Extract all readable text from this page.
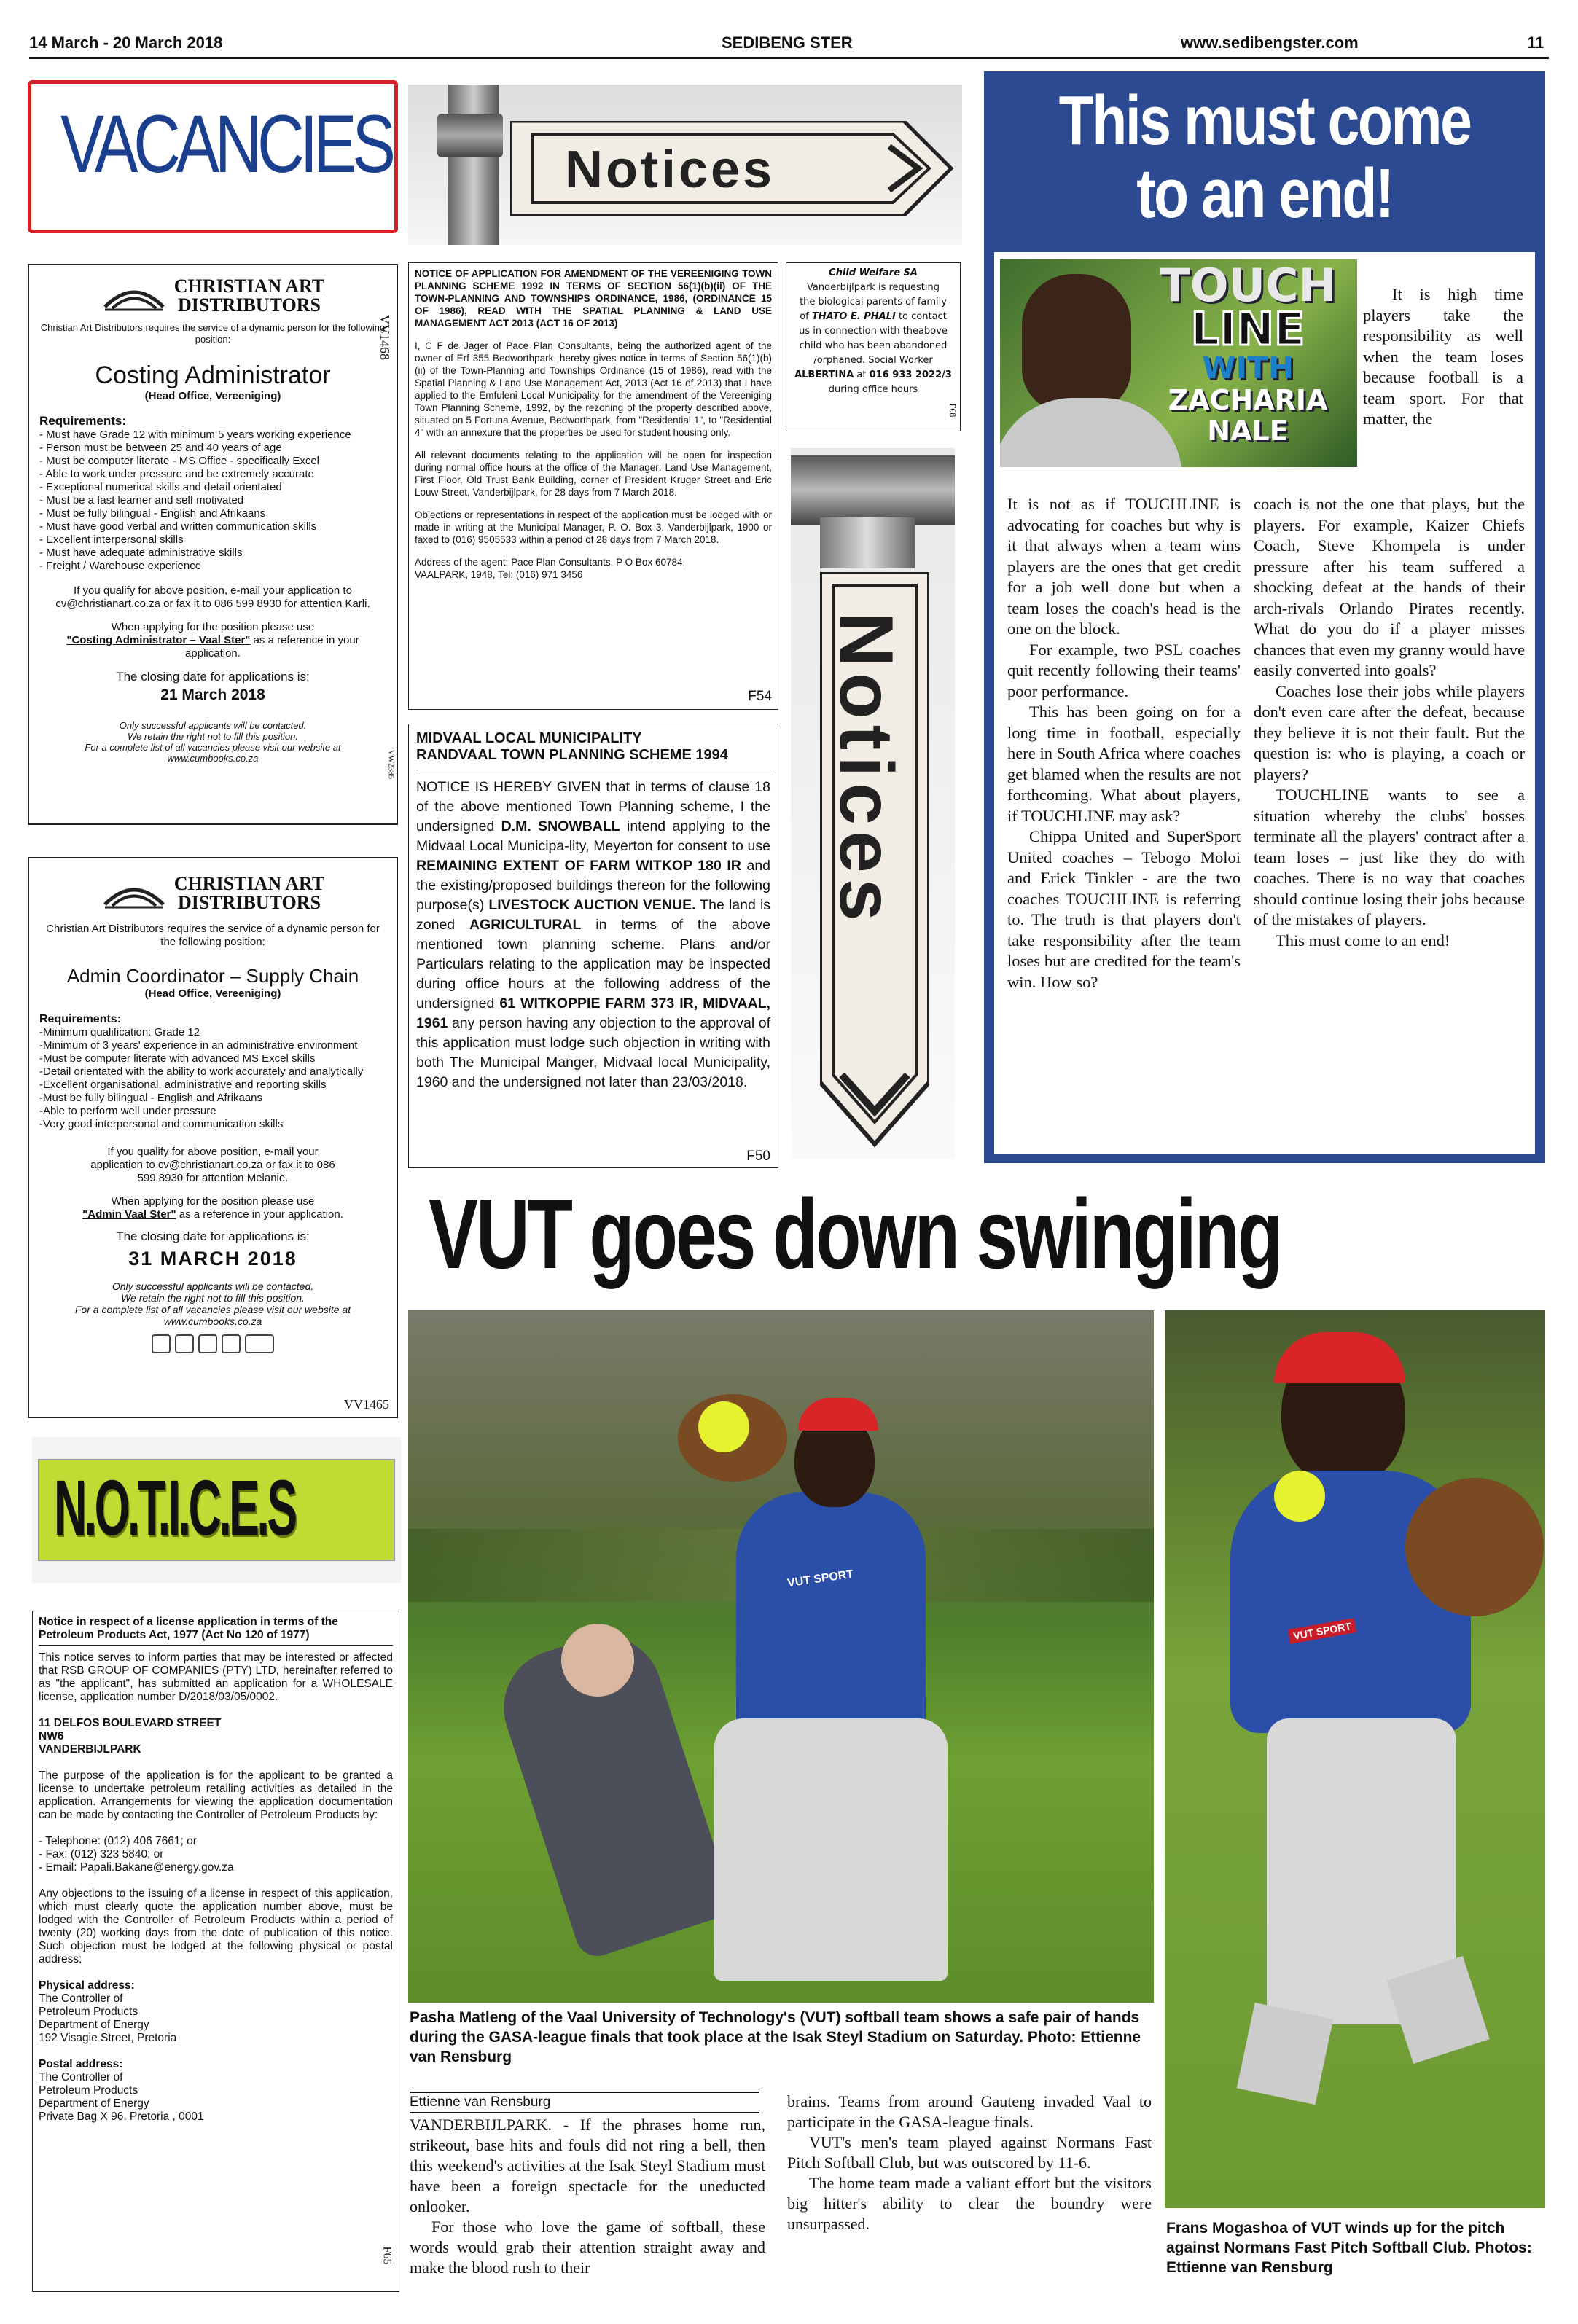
14 March - 20 March 2018	SEDIBENG STER	www.sedibengster.com	11
VACANCIES	Notices
CHRISTIAN ART
DISTRIBUTORS
Christian Art Distributors requires the service of a dynamic person for the following position:
Costing Administrator
(Head Office, Vereeniging)
Requirements:
- Must have Grade 12 with minimum 5 years working experience
- Person must be between 25 and 40 years of age
- Must be computer literate - MS Office - specifically Excel
- Able to work under pressure and be extremely accurate
- Exceptional numerical skills and detail orientated
- Must be a fast learner and self motivated
- Must be fully bilingual - English and Afrikaans
- Must have good verbal and written communication skills
- Excellent interpersonal skills
- Must have adequate administrative skills
- Freight / Warehouse experience
If you qualify for above position, e-mail your application to cv@christianart.co.za or fax it to 086 599 8930 for attention Karli.
When applying for the position please use
"Costing Administrator – Vaal Ster" as a reference in your application.
The closing date for applications is:
21 March 2018
Only successful applicants will be contacted.
We retain the right not to fill this position.
For a complete list of all vacancies please visit our website at www.cumbooks.co.za
VV1468
VW2385
CHRISTIAN ART
DISTRIBUTORS
Christian Art Distributors requires the service of a dynamic person for the following position:
Admin Coordinator – Supply Chain
(Head Office, Vereeniging)
Requirements:
-Minimum qualification: Grade 12
-Minimum of 3 years' experience in an administrative environment
-Must be computer literate with advanced MS Excel skills
-Detail orientated with the ability to work accurately and analytically
-Excellent organisational, administrative and reporting skills
-Must be fully bilingual - English and Afrikaans
-Able to perform well under pressure
-Very good interpersonal and communication skills
If you qualify for above position, e-mail your application to cv@christianart.co.za or fax it to 086 599 8930 for attention Melanie.
When applying for the position please use
"Admin Vaal Ster" as a reference in your application.
The closing date for applications is:
31 MARCH 2018
Only successful applicants will be contacted.
We retain the right not to fill this position.
For a complete list of all vacancies please visit our website at www.cumbooks.co.za
VV1465
N.O.T.I.C.E.S
Notice in respect of a license application in terms of the Petroleum Products Act, 1977 (Act No 120 of 1977)
This notice serves to inform parties that may be interested or affected that RSB GROUP OF COMPANIES (PTY) LTD, hereinafter referred to as "the applicant", has submitted an application for a WHOLESALE license, application number D/2018/03/05/0002.
11 DELFOS BOULEVARD STREET
NW6
VANDERBIJLPARK
The purpose of the application is for the applicant to be granted a license to undertake petroleum retailing activities as detailed in the application. Arrangements for viewing the application documentation can be made by contacting the Controller of Petroleum Products by:
- Telephone: (012) 406 7661; or
- Fax: (012) 323 5840; or
- Email: Papali.Bakane@energy.gov.za
Any objections to the issuing of a license in respect of this application, which must clearly quote the application number above, must be lodged with the Controller of Petroleum Products within a period of twenty (20) working days from the date of publication of this notice. Such objection must be lodged at the following physical or postal address:
Physical address:
The Controller of
Petroleum Products
Department of Energy
192 Visagie Street, Pretoria
Postal address:
The Controller of
Petroleum Products
Department of Energy
Private Bag X 96, Pretoria , 0001
F65
NOTICE OF APPLICATION FOR AMENDMENT OF THE VEREENIGING TOWN PLANNING SCHEME 1992 IN TERMS OF SECTION 56(1)(b)(ii) OF THE TOWN-PLANNING AND TOWNSHIPS ORDINANCE, 1986, (ORDINANCE 15 OF 1986), READ WITH THE SPATIAL PLANNING & LAND USE MANAGEMENT ACT 2013 (ACT 16 OF 2013)
I, C F de Jager of Pace Plan Consultants, being the authorized agent of the owner of Erf 355 Bedworthpark, hereby gives notice in terms of Section 56(1)(b)(ii) of the Town-Planning and Townships Ordinance (15 of 1986), read with the Spatial Planning & Land Use Management Act, 2013 (Act 16 of 2013) that I have applied to the Emfuleni Local Municipality for the amendment of the Vereeniging Town Planning Scheme, 1992, by the rezoning of the property described above, situated on 5 Fortuna Avenue, Bedworthpark, from "Residential 1", to "Residential 4" with an annexure that the properties be used for student housing only.
All relevant documents relating to the application will be open for inspection during normal office hours at the office of the Manager: Land Use Management, First Floor, Old Trust Bank Building, corner of President Kruger Street and Eric Louw Street, Vanderbijlpark, for 28 days from 7 March 2018.
Objections or representations in respect of the application must be lodged with or made in writing at the Municipal Manager, P. O. Box 3, Vanderbijlpark, 1900 or faxed to (016) 9505533 within a period of 28 days from 7 March 2018.
Address of the agent: Pace Plan Consultants, P O Box 60784, VAALPARK, 1948, Tel: (016) 971 3456
F54
Child Welfare SA
Vanderbijlpark is requesting
the biological parents of family
of THATO E. PHALI to contact
us in connection with theabove
child who has been abandoned
/orphaned. Social Worker
ALBERTINA at 016 933 2022/3
during office hours
F68
Notices
MIDVAAL LOCAL MUNICIPALITY
RANDVAAL TOWN PLANNING SCHEME 1994
NOTICE IS HEREBY GIVEN that in terms of clause 18 of the above mentioned Town Planning scheme, I the undersigned D.M. SNOWBALL intend applying to the Midvaal Local Municipa-lity, Meyerton for consent to use REMAINING EXTENT OF FARM WITKOP 180 IR and the existing/proposed buildings thereon for the following purpose(s) LIVESTOCK AUCTION VENUE. The land is zoned AGRICULTURAL in terms of the above mentioned town planning scheme. Plans and/or Particulars relating to the application may be inspected during office hours at the following address of the undersigned 61 WITKOPPIE FARM 373 IR, MIDVAAL, 1961 any person having any objection to the approval of this application must lodge such objection in writing with both The Municipal Manger, Midvaal local Municipality, 1960 and the undersigned not later than 23/03/2018.
F50
This must come
to an end!
TOUCH
LINE
WITH
ZACHARIA
NALE
It is high time players take the responsibility as well when the team loses because football is a team sport. For that matter, the
It is not as if TOUCHLINE is advocating for coaches but why is it that always when a team wins players are the ones that get credit for a job well done but when a team loses the coach's head is the one on the block.
For example, two PSL coaches quit recently following their teams' poor performance.
This has been going on for a long time in football, especially here in South Africa where coaches get blamed when the results are not forthcoming. What about players, if TOUCHLINE may ask?
Chippa United and SuperSport United coaches – Tebogo Moloi and Erick Tinkler - are the two coaches TOUCHLINE is referring to. The truth is that players don't take responsibility after the team loses but are credited for the team's win. How so?
coach is not the one that plays, but the players. For example, Kaizer Chiefs Coach, Steve Khompela is under pressure after his team suffered a shocking defeat at the hands of their arch-rivals Orlando Pirates recently. What do you do if a player misses chances that even my granny would have easily converted into goals?
Coaches lose their jobs while players don't even care after the defeat, because they believe it is not their fault. But the question is: who is playing, a coach or players?
TOUCHLINE wants to see a situation whereby the clubs' bosses terminate all the players' contract after a team loses – just like they do with coaches. There is no way that coaches should continue losing their jobs because of the mistakes of players.
This must come to an end!
VUT goes down swinging
VUT SPORT
VUT SPORT
Pasha Matleng of the Vaal University of Technology's (VUT) softball team shows a safe pair of hands during the GASA-league finals that took place at the Isak Steyl Stadium on Saturday. Photo: Ettienne van Rensburg
Ettienne van Rensburg
VANDERBIJLPARK. - If the phrases home run, strikeout, base hits and fouls did not ring a bell, then this weekend's activities at the Isak Steyl Stadium must have been a foreign spectacle for the uneducted onlooker.
For those who love the game of softball, these words would grab their attention straight away and make the blood rush to their
brains. Teams from around Gauteng invaded Vaal to participate in the GASA-league finals.
VUT's men's team played against Normans Fast Pitch Softball Club, but was outscored by 11-6.
The home team made a valiant effort but the visitors big hitter's ability to clear the boundry were unsurpassed.	Frans Mogashoa of VUT winds up for the pitch against Normans Fast Pitch Softball Club. Photos: Ettienne van Rensburg
